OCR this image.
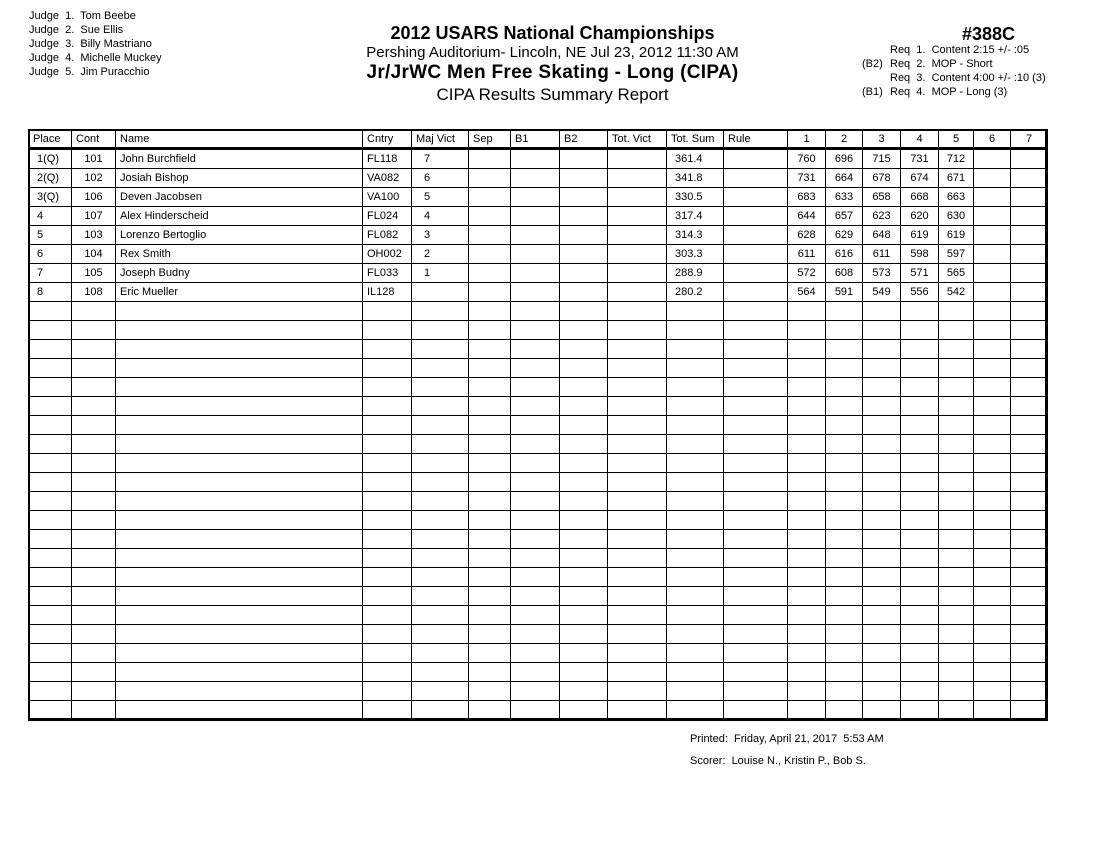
Judge  1.  Tom Beebe
Judge  2.  Sue Ellis
Judge  3.  Billy Mastriano
Judge  4.  Michelle Muckey
Judge  5.  Jim Puracchio
2012 USARS National Championships
Pershing Auditorium- Lincoln, NE Jul 23, 2012 11:30 AM
Jr/JrWC Men Free Skating - Long (CIPA)
CIPA Results Summary Report
#388C
Req  1.  Content 2:15 +/- :05
(B2) Req  2.  MOP - Short
Req  3.  Content 4:00 +/- :10 (3)
(B1) Req  4.  MOP - Long (3)
Place	Cont	Name	Cntry	Maj Vict	Sep	B1	B2	Tot. Vict	Tot. Sum	Rule	1	2	3	4	5	6	7
1(Q)	101	John Burchfield	FL118	7					361.4		760	696	715	731	712		
2(Q)	102	Josiah Bishop	VA082	6					341.8		731	664	678	674	671		
3(Q)	106	Deven Jacobsen	VA100	5					330.5		683	633	658	668	663		
4	107	Alex Hinderscheid	FL024	4					317.4		644	657	623	620	630		
5	103	Lorenzo Bertoglio	FL082	3					314.3		628	629	648	619	619		
6	104	Rex Smith	OH002	2					303.3		611	616	611	598	597		
7	105	Joseph Budny	FL033	1					288.9		572	608	573	571	565		
8	108	Eric Mueller	IL128						280.2		564	591	549	556	542		

Printed:  Friday, April 21, 2017  5:53 AM
Scorer:  Louise N., Kristin P., Bob S.
